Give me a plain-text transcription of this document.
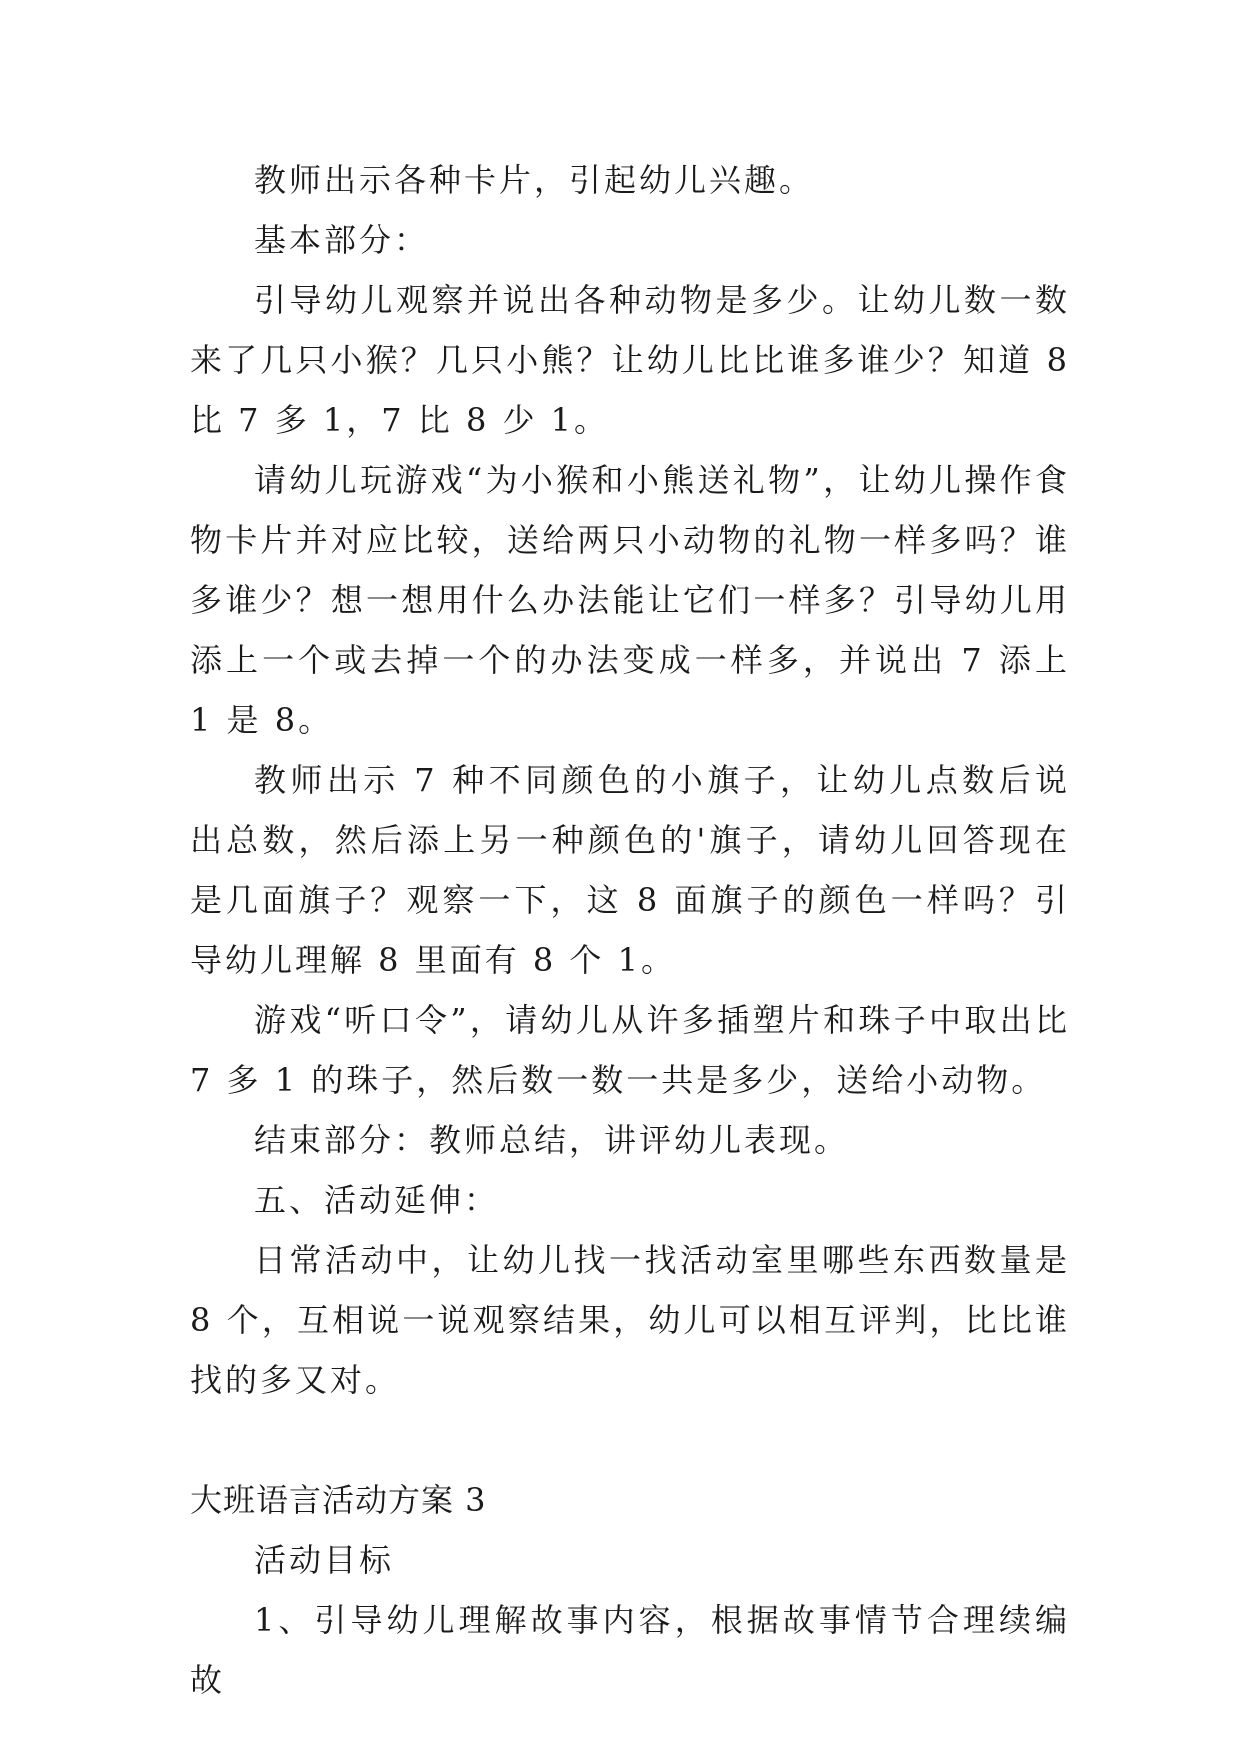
教师出示各种卡片，引起幼儿兴趣。

基本部分：

引导幼儿观察并说出各种动物是多少。让幼儿数一数来了几只小猴？几只小熊？让幼儿比比谁多谁少？知道 8 比 7 多 1，7 比 8 少 1。

请幼儿玩游戏“为小猴和小熊送礼物”，让幼儿操作食物卡片并对应比较，送给两只小动物的礼物一样多吗？谁多谁少？想一想用什么办法能让它们一样多？引导幼儿用添上一个或去掉一个的办法变成一样多，并说出 7 添上 1 是 8。

教师出示 7 种不同颜色的小旗子，让幼儿点数后说出总数，然后添上另一种颜色的'旗子，请幼儿回答现在是几面旗子？观察一下，这 8 面旗子的颜色一样吗？引导幼儿理解 8 里面有 8 个 1。

游戏“听口令”，请幼儿从许多插塑片和珠子中取出比 7 多 1 的珠子，然后数一数一共是多少，送给小动物。

结束部分：教师总结，讲评幼儿表现。

五、活动延伸：

日常活动中，让幼儿找一找活动室里哪些东西数量是 8 个，互相说一说观察结果，幼儿可以相互评判，比比谁找的多又对。

大班语言活动方案 3

活动目标

1、引导幼儿理解故事内容，根据故事情节合理续编故
